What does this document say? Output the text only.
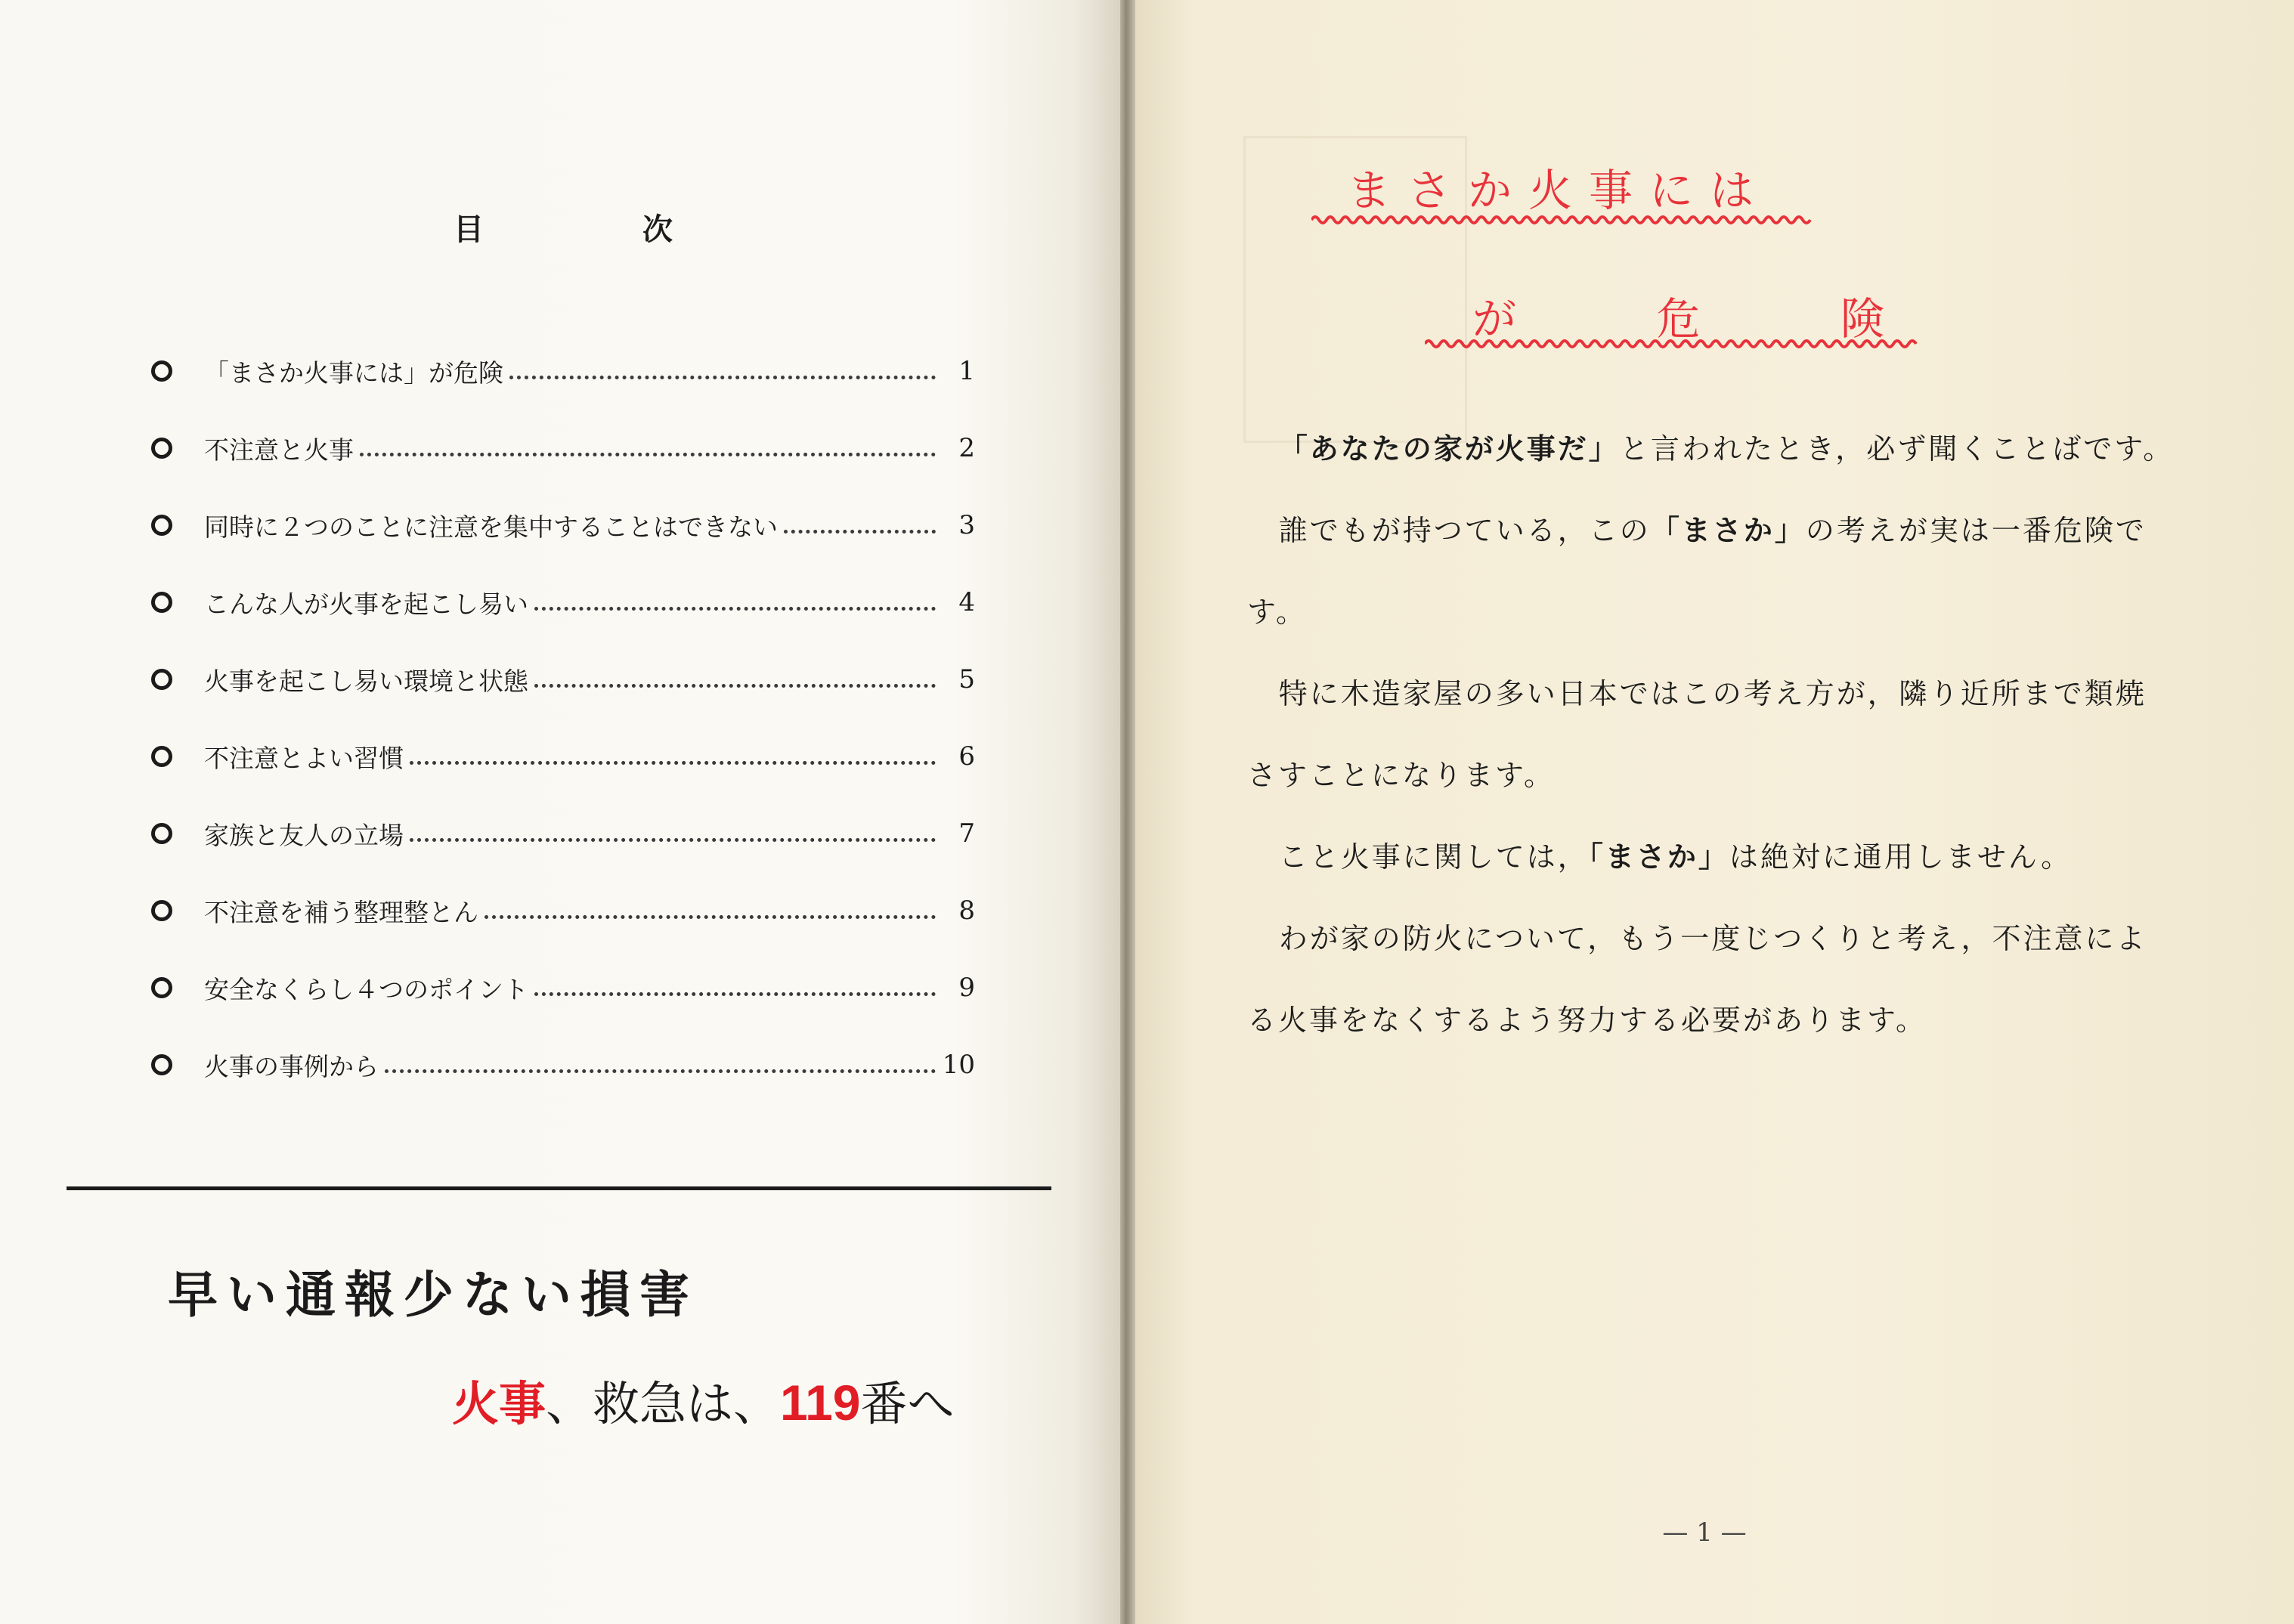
目	次
「まさか火事には」が危険	1
不注意と火事	2
同時に２つのことに注意を集中することはできない	3
こんな人が火事を起こし易い	4
火事を起こし易い環境と状態	5
不注意とよい習慣	6
家族と友人の立場	7
不注意を補う整理整とん	8
安全なくらし４つのポイント	9
火事の事例から	10
早い通報少ない損害
火事、救急は、119番へ
まさか火事には
が	危	険

「あなたの家が火事だ」と言われたとき，必ず聞くことばです。

誰でもが持つている，この「まさか」の考えが実は一番危険です。

特に木造家屋の多い日本ではこの考え方が，隣り近所まで類焼さすことになります。

こと火事に関しては，「まさか」は絶対に通用しません。

わが家の防火について，もう一度じつくりと考え，不注意による火事をなくするよう努力する必要があります。

— 1 —
